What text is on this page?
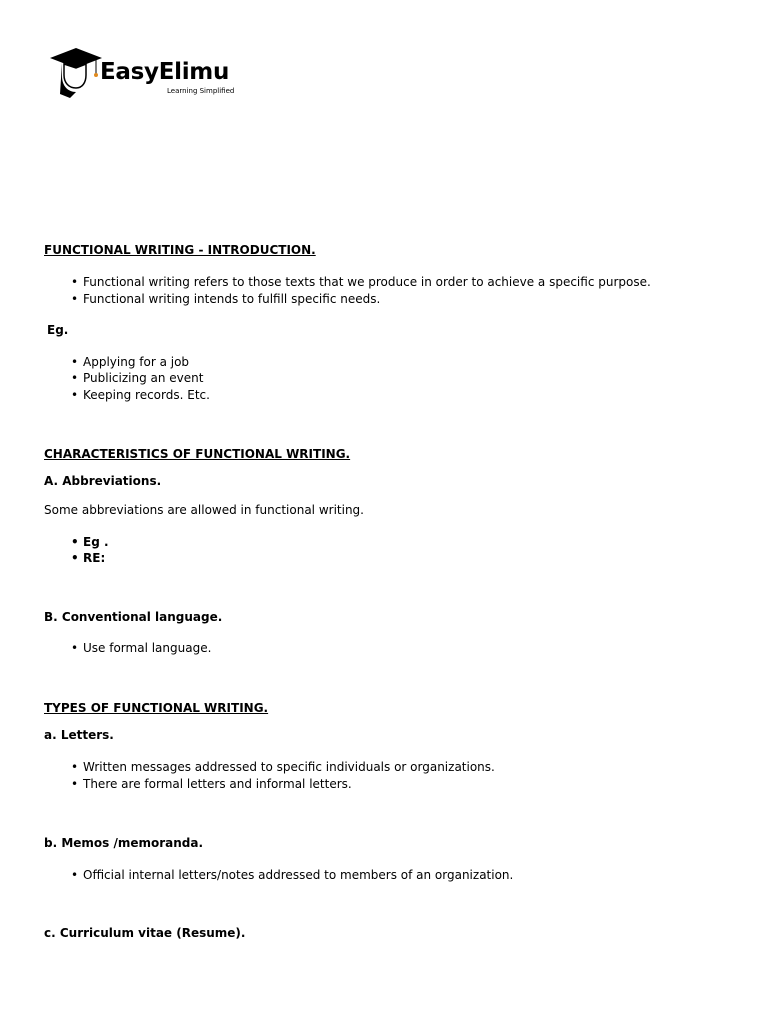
EasyElimu
Learning Simplified
FUNCTIONAL WRITING - INTRODUCTION.
• Functional writing refers to those texts that we produce in order to achieve a specific purpose.
• Functional writing intends to fulfill specific needs.
Eg.
• Applying for a job
• Publicizing an event
• Keeping records. Etc.
CHARACTERISTICS OF FUNCTIONAL WRITING.
A. Abbreviations.
Some abbreviations are allowed in functional writing.
• Eg .
• RE:
B. Conventional language.
• Use formal language.
TYPES OF FUNCTIONAL WRITING.
a. Letters.
• Written messages addressed to specific individuals or organizations.
• There are formal letters and informal letters.
b. Memos /memoranda.
• Official internal letters/notes addressed to members of an organization.
c. Curriculum vitae (Resume).
